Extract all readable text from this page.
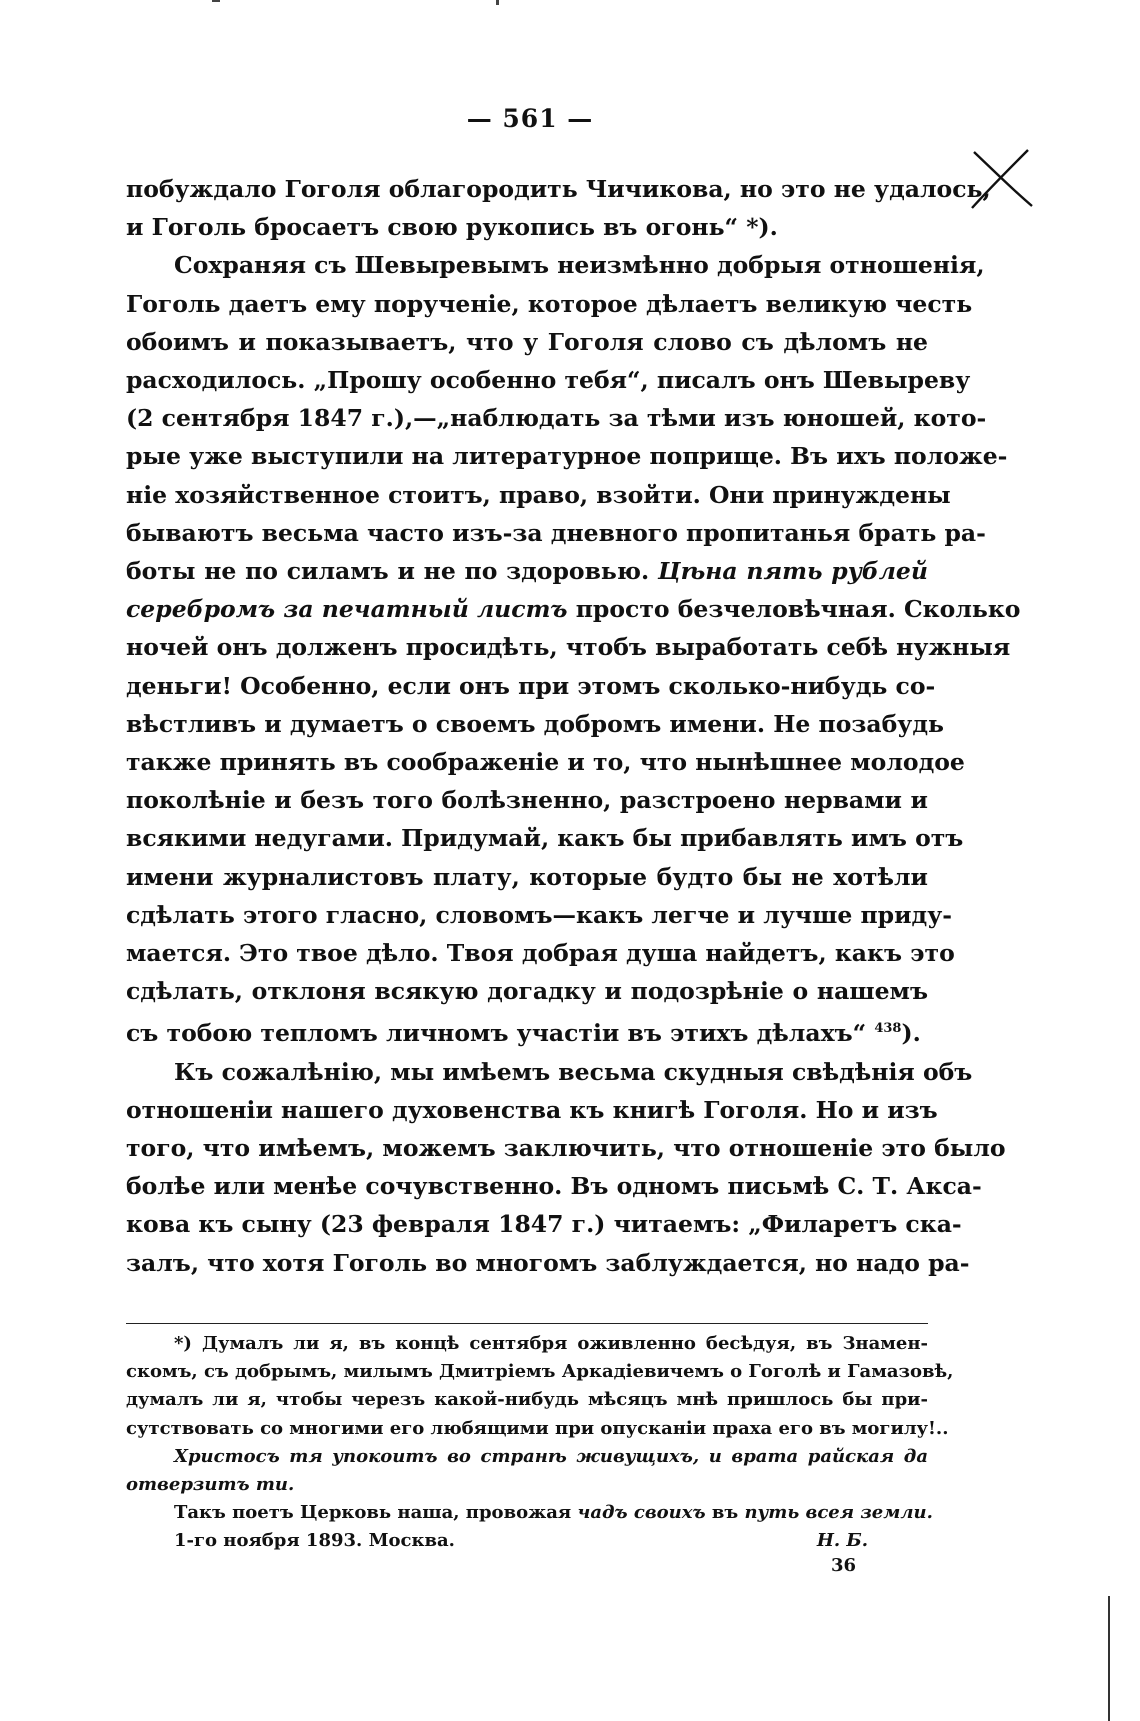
— 561 —
побуждало Гоголя облагородить Чичикова, но это не удалось,
и Гоголь бросаетъ свою рукопись въ огонь“ *).
Сохраняя съ Шевыревымъ неизмѣнно добрыя отношенія,
Гоголь даетъ ему порученіе, которое дѣлаетъ великую честь
обоимъ и показываетъ, что у Гоголя слово съ дѣломъ не
расходилось. „Прошу особенно тебя“, писалъ онъ Шевыреву
(2 сентября 1847 г.),—„наблюдать за тѣми изъ юношей, кото-
рые уже выступили на литературное поприще. Въ ихъ положе-
ніе хозяйственное стоитъ, право, взойти. Они принуждены
бываютъ весьма часто изъ-за дневного пропитанья брать ра-
боты не по силамъ и не по здоровью. Цѣна пять рублей
серебромъ за печатный листъ просто безчеловѣчная. Сколько
ночей онъ долженъ просидѣть, чтобъ выработать себѣ нужныя
деньги! Особенно, если онъ при этомъ сколько-нибудь со-
вѣстливъ и думаетъ о своемъ добромъ имени. Не позабудь
также принять въ соображеніе и то, что нынѣшнее молодое
поколѣніе и безъ того болѣзненно, разстроено нервами и
всякими недугами. Придумай, какъ бы прибавлять имъ отъ
имени журналистовъ плату, которые будто бы не хотѣли
сдѣлать этого гласно, словомъ—какъ легче и лучше приду-
мается. Это твое дѣло. Твоя добрая душа найдетъ, какъ это
сдѣлать, отклоня всякую догадку и подозрѣніе о нашемъ
съ тобою тепломъ личномъ участіи въ этихъ дѣлахъ“ $^{438}$).
Къ сожалѣнію, мы имѣемъ весьма скудныя свѣдѣнія объ
отношеніи нашего духовенства къ книгѣ Гоголя. Но и изъ
того, что имѣемъ, можемъ заключить, что отношеніе это было
болѣе или менѣе сочувственно. Въ одномъ письмѣ С. Т. Акса-
кова къ сыну (23 февраля 1847 г.) читаемъ: „Филаретъ ска-
залъ, что хотя Гоголь во многомъ заблуждается, но надо ра-
*) Думалъ ли я, въ концѣ сентября оживленно бесѣдуя, въ Знамен-
скомъ, съ добрымъ, милымъ Дмитріемъ Аркадіевичемъ о Гоголѣ и Гамазовѣ,
думалъ ли я, чтобы черезъ какой-нибудь мѣсяцъ мнѣ пришлось бы при-
сутствовать со многими его любящими при опусканіи праха его въ могилу!..
Христосъ тя упокоитъ во странѣ живущихъ, и врата райская да
отверзитъ ти.
Такъ поетъ Церковь наша, провожая чадъ своихъ въ путь всея земли.
1-го ноября 1893. Москва.	Н. Б.
36
